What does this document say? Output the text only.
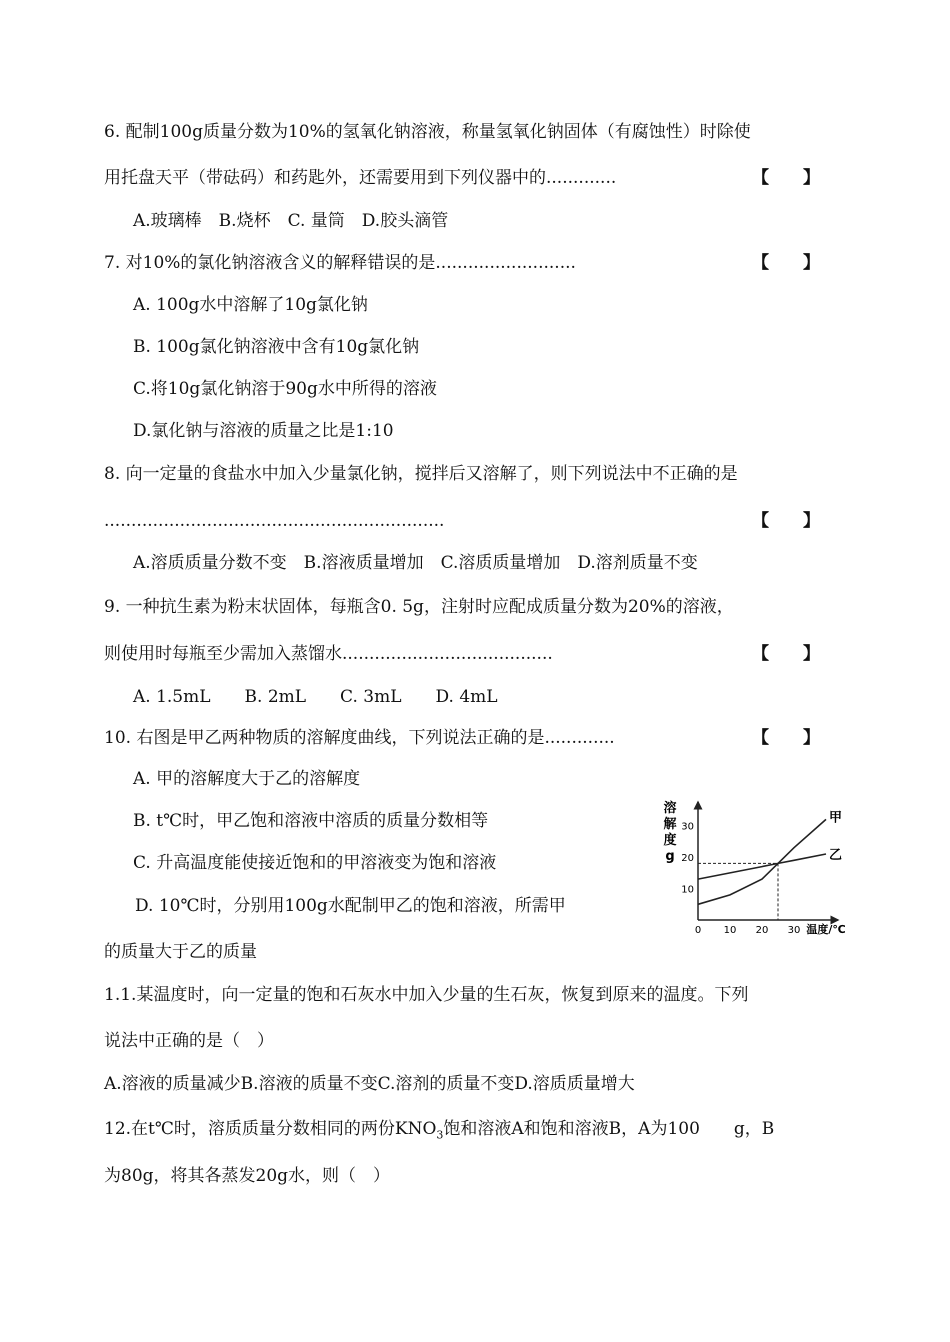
6. 配制100g质量分数为10%的氢氧化钠溶液，称量氢氧化钠固体（有腐蚀性）时除使
用托盘天平（带砝码）和药匙外，还需要用到下列仪器中的.............	【　　】
A.玻璃棒　B.烧杯　C. 量筒　D.胶头滴管
7. 对10%的氯化钠溶液含义的解释错误的是..........................	【　　】
A. 100g水中溶解了10g氯化钠
B. 100g氯化钠溶液中含有10g氯化钠
C.将10g氯化钠溶于90g水中所得的溶液
D.氯化钠与溶液的质量之比是1:10
8. 向一定量的食盐水中加入少量氯化钠，搅拌后又溶解了，则下列说法中不正确的是
...............................................................	【　　】
A.溶质质量分数不变　B.溶液质量增加　C.溶质质量增加　D.溶剂质量不变
9. 一种抗生素为粉末状固体，每瓶含0. 5g，注射时应配成质量分数为20%的溶液，
则使用时每瓶至少需加入蒸馏水.......................................	【　　】
A. 1.5mL　　B. 2mL　　C. 3mL　　D. 4mL
10. 右图是甲乙两种物质的溶解度曲线，下列说法正确的是.............	【　　】
A. 甲的溶解度大于乙的溶解度
B. t℃时，甲乙饱和溶液中溶质的质量分数相等
C. 升高温度能使接近饱和的甲溶液变为饱和溶液
D. 10℃时，分别用100g水配制甲乙的饱和溶液，所需甲
的质量大于乙的质量
溶
解
度
g
10
20
30
0 10 20 30 温度/℃
甲
乙
1.1.某温度时，向一定量的饱和石灰水中加入少量的生石灰，恢复到原来的温度。下列
说法中正确的是（　）
A.溶液的质量减少B.溶液的质量不变C.溶剂的质量不变D.溶质质量增大
12.在t℃时，溶质质量分数相同的两份$KNO_3$饱和溶液A和饱和溶液B，A为100　　g，B
为80g，将其各蒸发20g水，则（　）
